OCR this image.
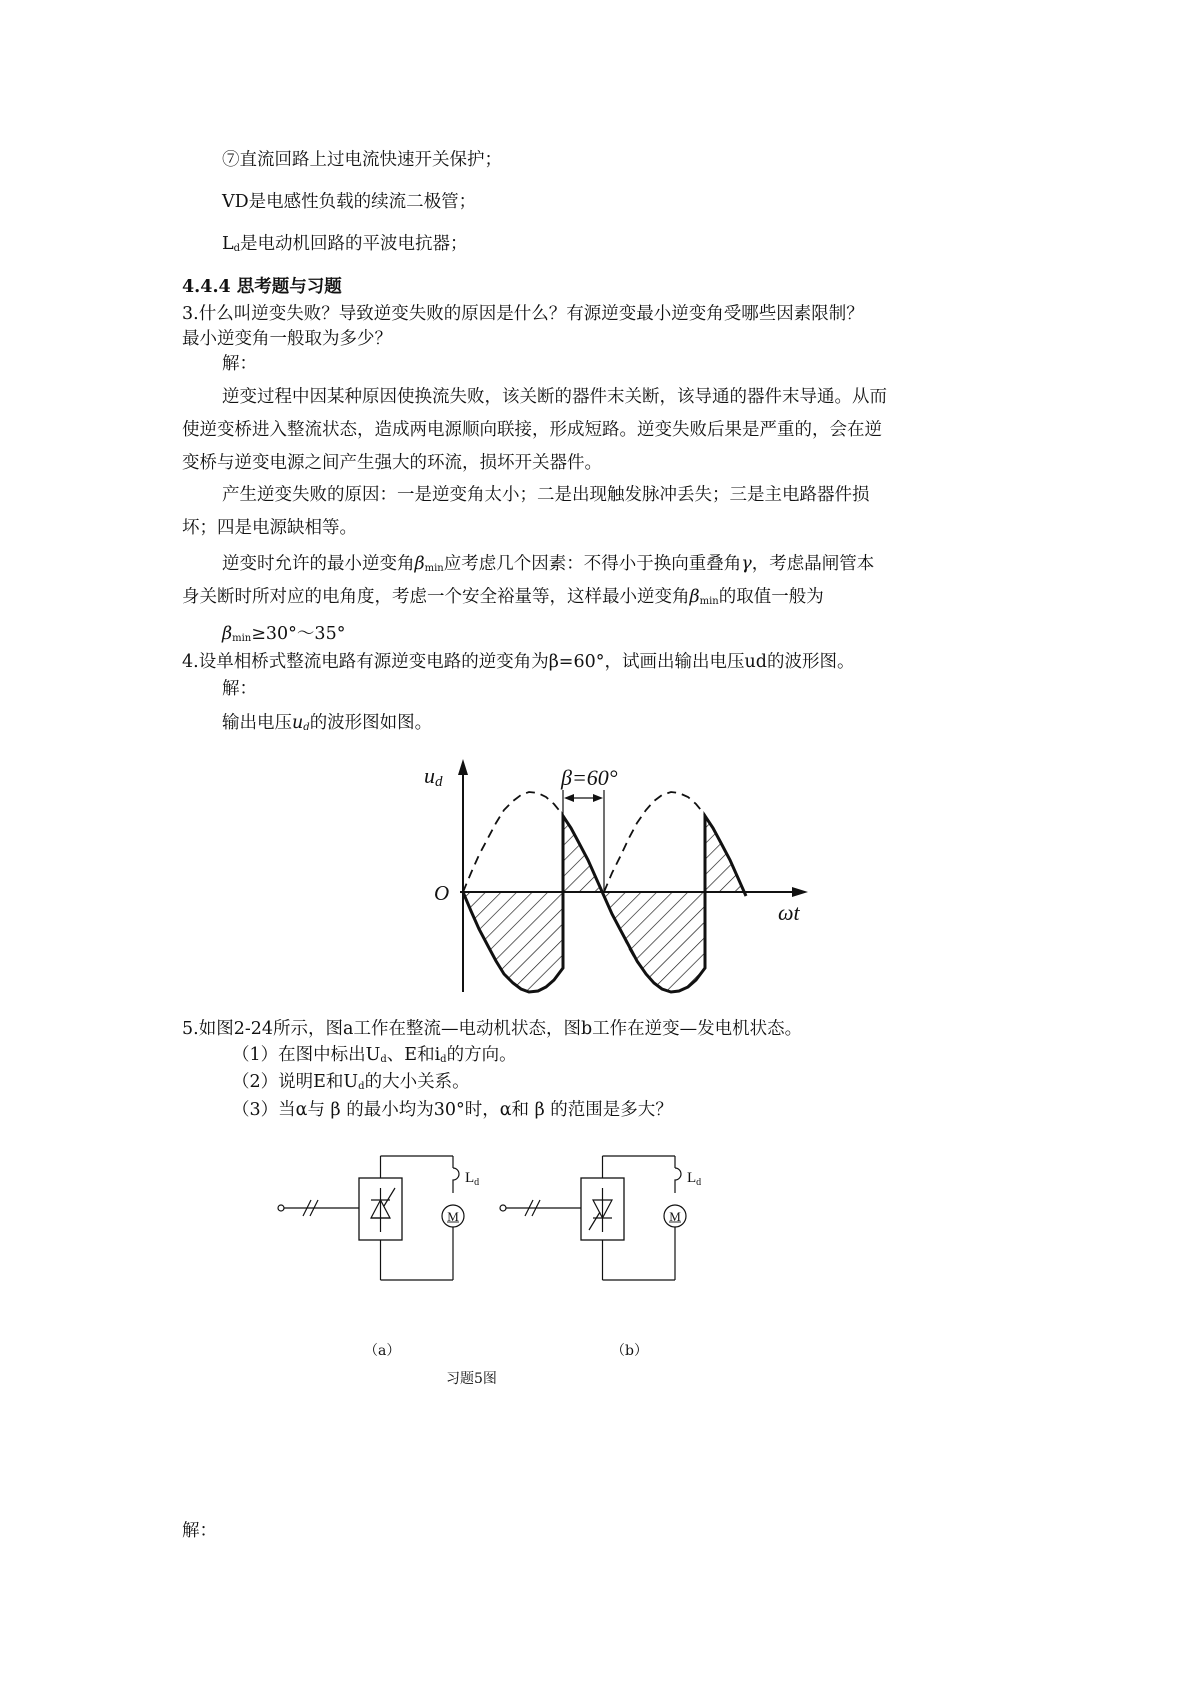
⑦直流回路上过电流快速开关保护；
VD是电感性负载的续流二极管；
$L_d$是电动机回路的平波电抗器；
4.4.4 思考题与习题
3.什么叫逆变失败？导致逆变失败的原因是什么？有源逆变最小逆变角受哪些因素限制？
最小逆变角一般取为多少？
解：
逆变过程中因某种原因使换流失败，该关断的器件末关断，该导通的器件末导通。从而
使逆变桥进入整流状态，造成两电源顺向联接，形成短路。逆变失败后果是严重的，会在逆
变桥与逆变电源之间产生强大的环流，损坏开关器件。
产生逆变失败的原因：一是逆变角太小；二是出现触发脉冲丢失；三是主电路器件损
坏；四是电源缺相等。
逆变时允许的最小逆变角$\beta_{min}$应考虑几个因素：不得小于换向重叠角γ，考虑晶闸管本
身关断时所对应的电角度，考虑一个安全裕量等，这样最小逆变角$\beta_{min}$的取值一般为
$\beta_{min}\ge 30^\circ\sim 35^\circ$
4.设单相桥式整流电路有源逆变电路的逆变角为β=60°，试画出输出电压ud的波形图。
解：
输出电压$u_d$的波形图如图。
ud	β=60°
O
ωt
5.如图2-24所示，图a工作在整流—电动机状态，图b工作在逆变—发电机状态。
（1）在图中标出$U_d$、E和$i_d$的方向。
（2）说明E和$U_d$的大小关系。
（3）当α与 β 的最小均为30°时，α和 β 的范围是多大？
M
$L_d$
M
$L_d$
（a）	（b）
习题5图
解：
